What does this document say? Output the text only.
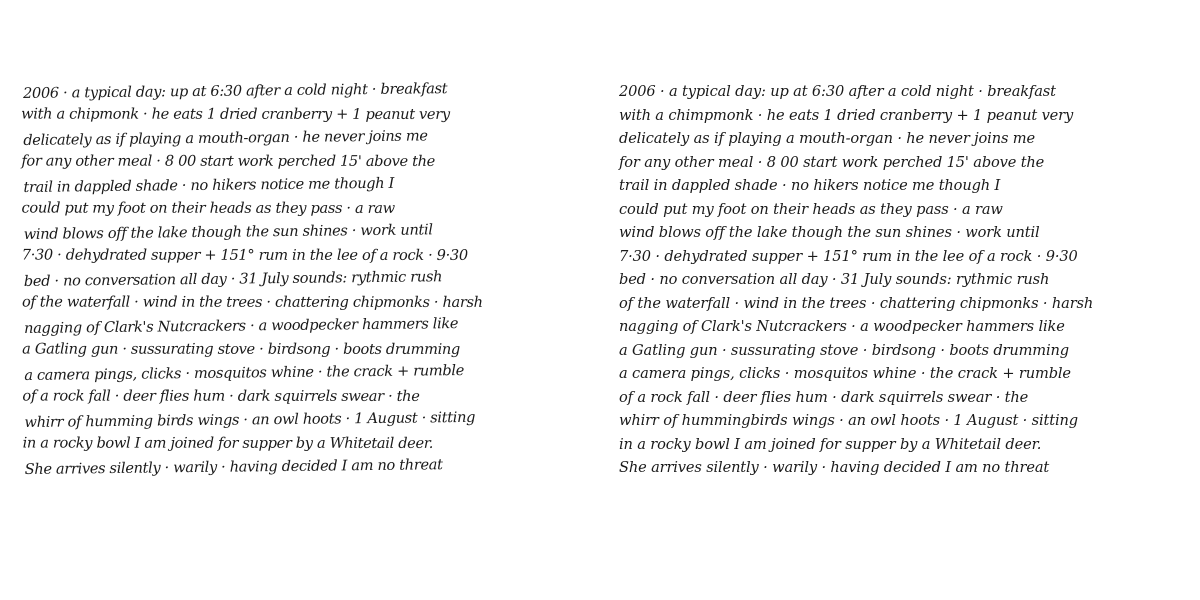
2006 · a typical day: up at 6:30 after a cold night · breakfast
with a chipmonk · he eats 1 dried cranberry + 1 peanut very
delicately as if playing a mouth-organ · he never joins me
for any other meal · 8 00 start work perched 15' above the
trail in dappled shade · no hikers notice me though I
could put my foot on their heads as they pass · a raw
wind blows off the lake though the sun shines · work until
7·30 · dehydrated supper + 151° rum in the lee of a rock · 9·30
bed · no conversation all day · 31 July sounds: rythmic rush
of the waterfall · wind in the trees · chattering chipmonks · harsh
nagging of Clark's Nutcrackers · a woodpecker hammers like
a Gatling gun · sussurating stove · birdsong · boots drumming
a camera pings, clicks · mosquitos whine · the crack + rumble
of a rock fall · deer flies hum · dark squirrels swear · the
whirr of humming birds wings · an owl hoots · 1 August · sitting
in a rocky bowl I am joined for supper by a Whitetail deer.
She arrives silently · warily · having decided I am no threat
2006 · a typical day: up at 6:30 after a cold night · breakfast
with a chimpmonk · he eats 1 dried cranberry + 1 peanut very
delicately as if playing a mouth-organ · he never joins me
for any other meal · 8 00 start work perched 15' above the
trail in dappled shade · no hikers notice me though I
could put my foot on their heads as they pass · a raw
wind blows off the lake though the sun shines · work until
7·30 · dehydrated supper + 151° rum in the lee of a rock · 9·30
bed · no conversation all day · 31 July sounds: rythmic rush
of the waterfall · wind in the trees · chattering chipmonks · harsh
nagging of Clark's Nutcrackers · a woodpecker hammers like
a Gatling gun · sussurating stove · birdsong · boots drumming
a camera pings, clicks · mosquitos whine · the crack + rumble
of a rock fall · deer flies hum · dark squirrels swear · the
whirr of hummingbirds wings · an owl hoots · 1 August · sitting
in a rocky bowl I am joined for supper by a Whitetail deer.
She arrives silently · warily · having decided I am no threat
